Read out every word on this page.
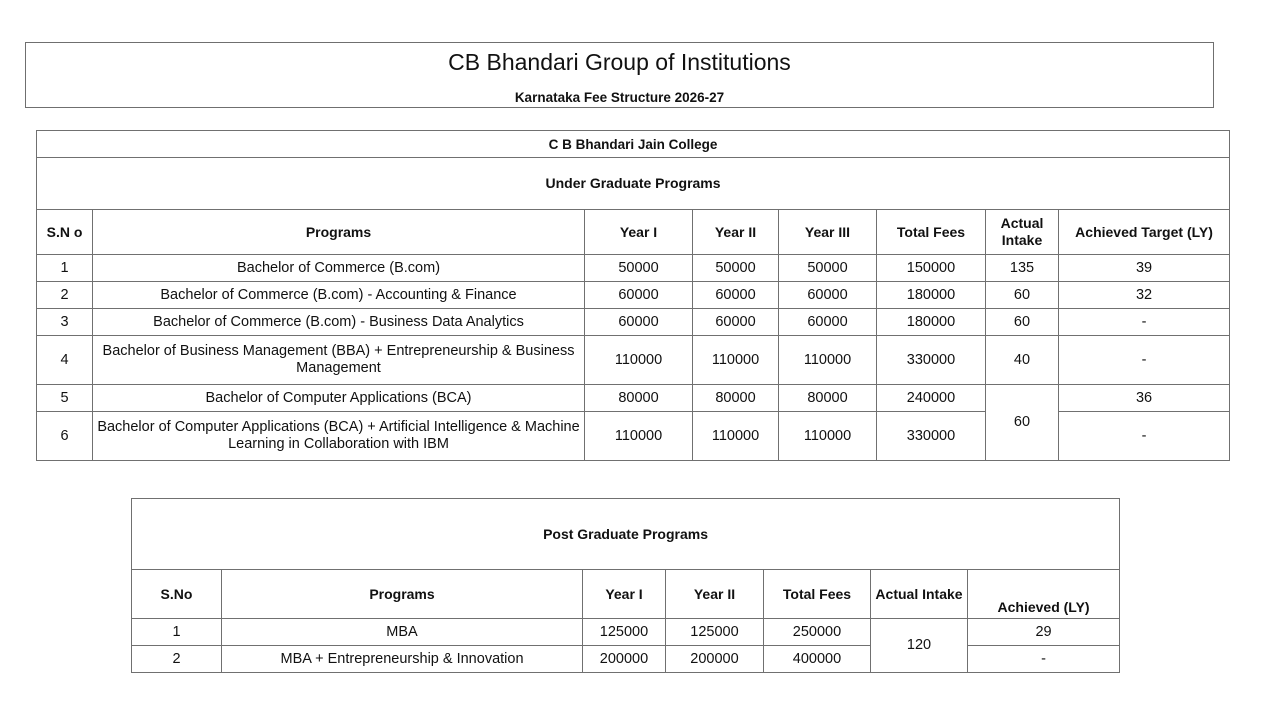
CB Bhandari Group of Institutions
Karnataka Fee Structure 2026-27
C B Bhandari Jain College							
Under Graduate Programs							
S.N o	Programs	Year I	Year II	Year III	Total Fees	Actual Intake	Achieved Target (LY)
1	Bachelor of Commerce (B.com)	50000	50000	50000	150000	135	39
2	Bachelor of Commerce (B.com) - Accounting & Finance	60000	60000	60000	180000	60	32
3	Bachelor of Commerce (B.com) - Business Data Analytics	60000	60000	60000	180000	60	-
4	Bachelor of Business Management (BBA) + Entrepreneurship & Business Management	110000	110000	110000	330000	40	-
5	Bachelor of Computer Applications (BCA)	80000	80000	80000	240000	60	36
6	Bachelor of Computer Applications (BCA) + Artificial Intelligence & Machine Learning in Collaboration with IBM	110000	110000	110000	330000		-
Post Graduate Programs						
S.No	Programs	Year I	Year II	Total Fees	Actual Intake	Achieved (LY)
1	MBA	125000	125000	250000	120	29
2	MBA + Entrepreneurship & Innovation	200000	200000	400000		-
